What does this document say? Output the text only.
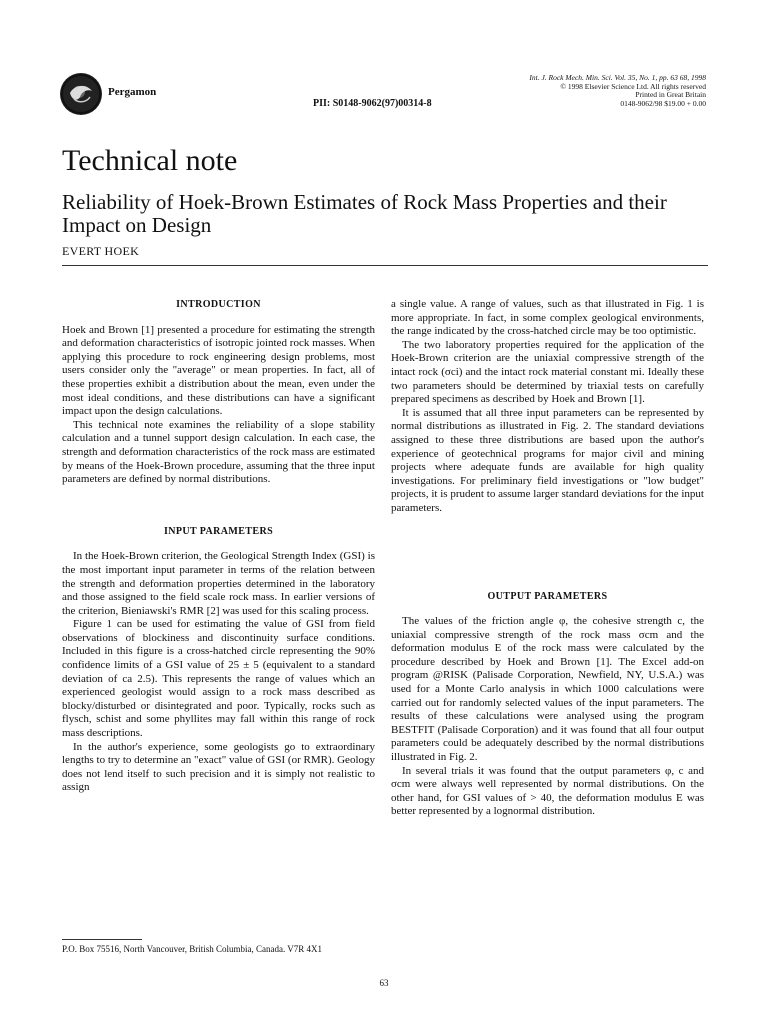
Pergamon
PII: S0148-9062(97)00314-8
Int. J. Rock Mech. Min. Sci. Vol. 35, No. 1, pp. 63 68, 1998
© 1998 Elsevier Science Ltd. All rights reserved
Printed in Great Britain
0148-9062/98 $19.00 + 0.00
Technical note
Reliability of Hoek-Brown Estimates of Rock Mass Properties and their Impact on Design
EVERT HOEK
INTRODUCTION

Hoek and Brown [1] presented a procedure for estimating the strength and deformation characteristics of isotropic jointed rock masses. When applying this procedure to rock engineering design problems, most users consider only the "average" or mean properties. In fact, all of these properties exhibit a distribution about the mean, even under the most ideal conditions, and these distributions can have a significant impact upon the design calculations.

This technical note examines the reliability of a slope stability calculation and a tunnel support design calculation. In each case, the strength and deformation characteristics of the rock mass are estimated by means of the Hoek-Brown procedure, assuming that the three input parameters are defined by normal distributions.

INPUT PARAMETERS

In the Hoek-Brown criterion, the Geological Strength Index (GSI) is the most important input parameter in terms of the relation between the strength and deformation properties determined in the laboratory and those assigned to the field scale rock mass. In earlier versions of the criterion, Bieniawski's RMR [2] was used for this scaling process.

Figure 1 can be used for estimating the value of GSI from field observations of blockiness and discontinuity surface conditions. Included in this figure is a cross-hatched circle representing the 90% confidence limits of a GSI value of 25 ± 5 (equivalent to a standard deviation of ca 2.5). This represents the range of values which an experienced geologist would assign to a rock mass described as blocky/disturbed or disintegrated and poor. Typically, rocks such as flysch, schist and some phyllites may fall within this range of rock mass descriptions.

In the author's experience, some geologists go to extraordinary lengths to try to determine an "exact" value of GSI (or RMR). Geology does not lend itself to such precision and it is simply not realistic to assign

a single value. A range of values, such as that illustrated in Fig. 1 is more appropriate. In fact, in some complex geological environments, the range indicated by the cross-hatched circle may be too optimistic.

The two laboratory properties required for the application of the Hoek-Brown criterion are the uniaxial compressive strength of the intact rock (σci) and the intact rock material constant mi. Ideally these two parameters should be determined by triaxial tests on carefully prepared specimens as described by Hoek and Brown [1].

It is assumed that all three input parameters can be represented by normal distributions as illustrated in Fig. 2. The standard deviations assigned to these three distributions are based upon the author's experience of geotechnical programs for major civil and mining projects where adequate funds are available for high quality investigations. For preliminary field investigations or "low budget" projects, it is prudent to assume larger standard deviations for the input parameters.

OUTPUT PARAMETERS

The values of the friction angle φ, the cohesive strength c, the uniaxial compressive strength of the rock mass σcm and the deformation modulus E of the rock mass were calculated by the procedure described by Hoek and Brown [1]. The Excel add-on program @RISK (Palisade Corporation, Newfield, NY, U.S.A.) was used for a Monte Carlo analysis in which 1000 calculations were carried out for randomly selected values of the input parameters. The results of these calculations were analysed using the program BESTFIT (Palisade Corporation) and it was found that all four output parameters could be adequately described by the normal distributions illustrated in Fig. 2.

In several trials it was found that the output parameters φ, c and σcm were always well represented by normal distributions. On the other hand, for GSI values of > 40, the deformation modulus E was better represented by a lognormal distribution.

P.O. Box 75516, North Vancouver, British Columbia, Canada. V7R 4X1
63
